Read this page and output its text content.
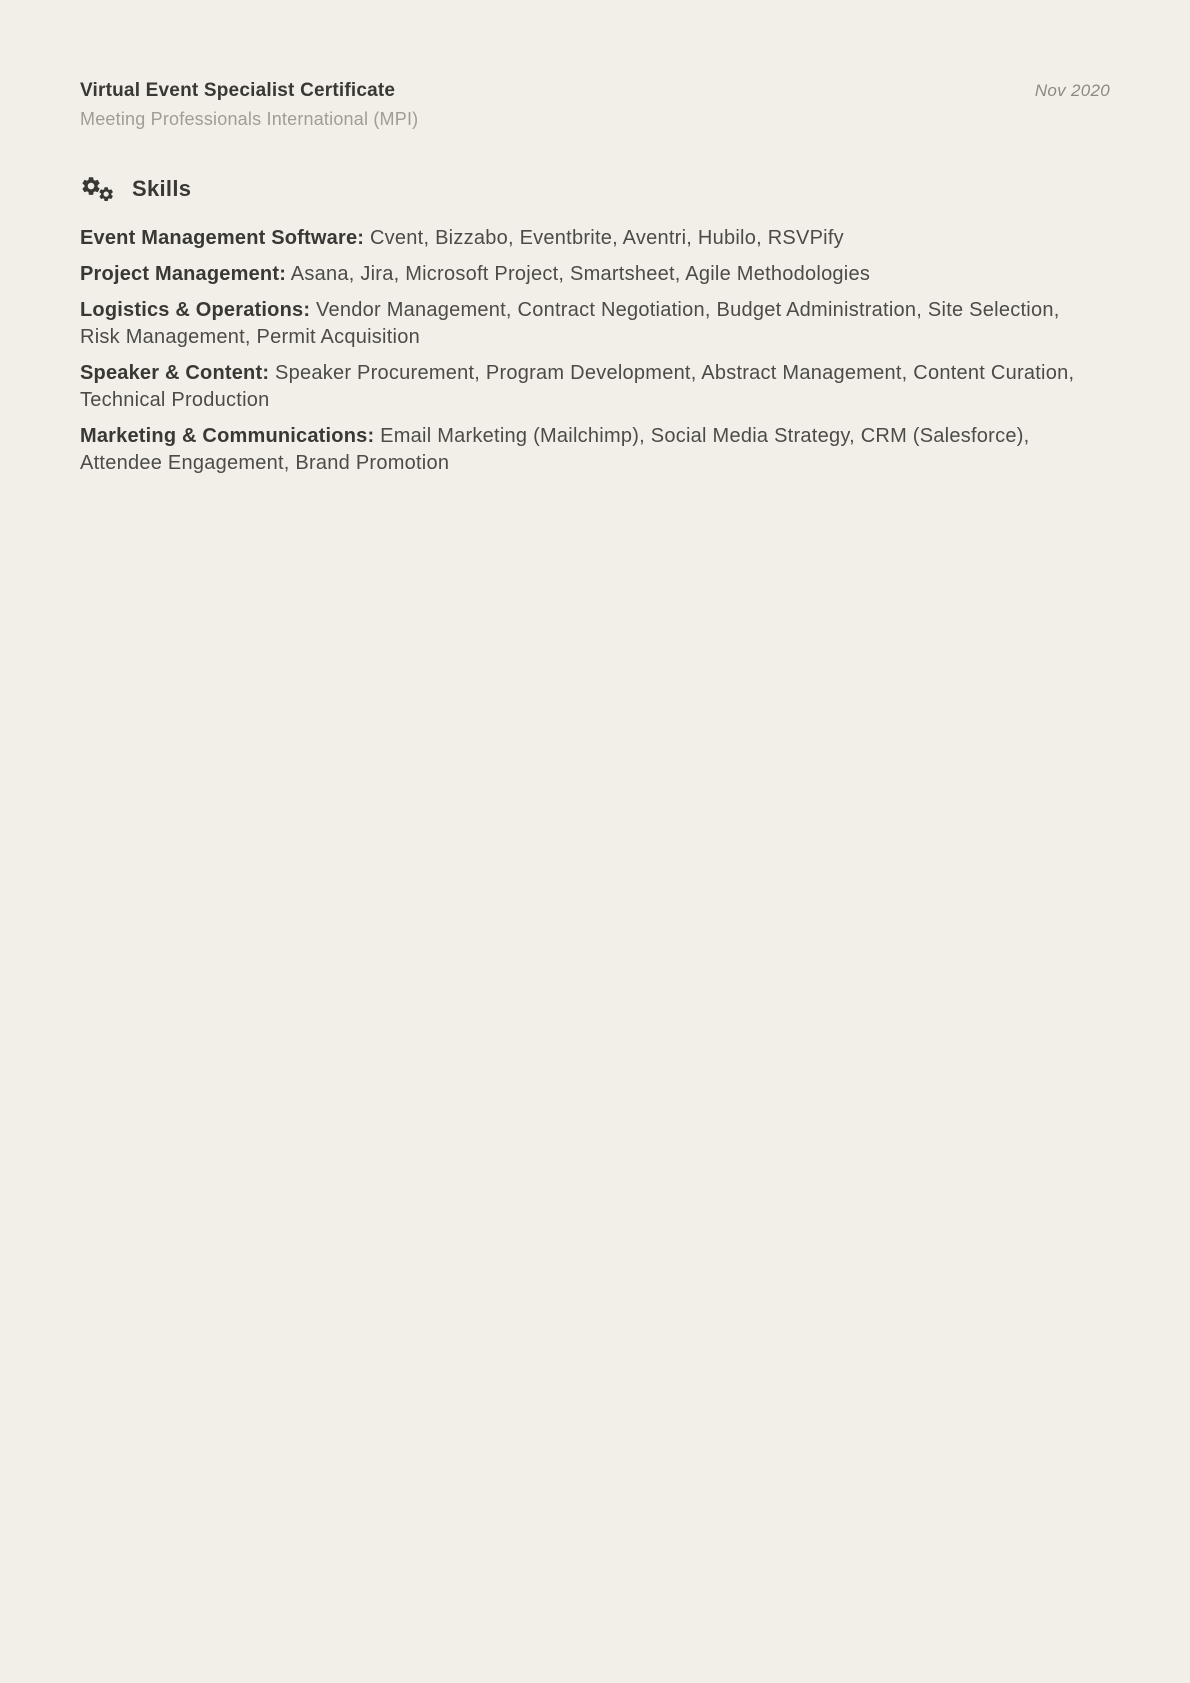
Virtual Event Specialist Certificate	Nov 2020
Meeting Professionals International (MPI)
Skills

Event Management Software: Cvent, Bizzabo, Eventbrite, Aventri, Hubilo, RSVPify

Project Management: Asana, Jira, Microsoft Project, Smartsheet, Agile Methodologies

Logistics & Operations: Vendor Management, Contract Negotiation, Budget Administration, Site Selection, Risk Management, Permit Acquisition

Speaker & Content: Speaker Procurement, Program Development, Abstract Management, Content Curation, Technical Production

Marketing & Communications: Email Marketing (Mailchimp), Social Media Strategy, CRM (Salesforce), Attendee Engagement, Brand Promotion
